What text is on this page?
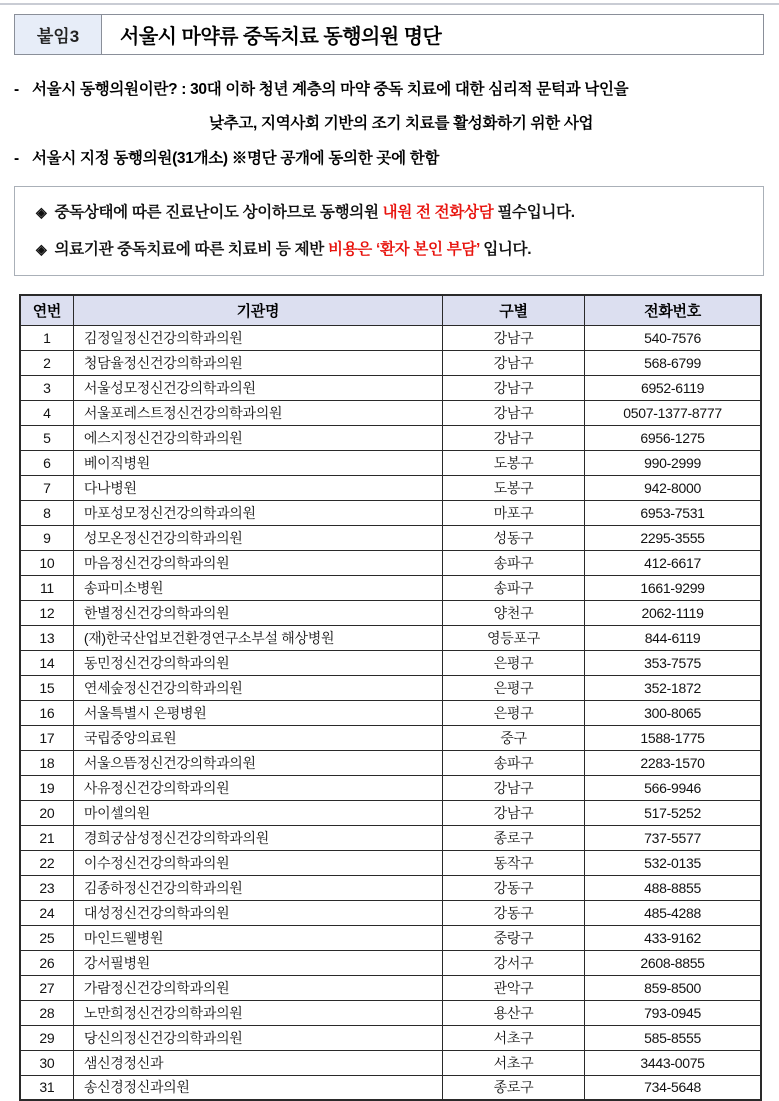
붙임3	서울시 마약류 중독치료 동행의원 명단
- 서울시 동행의원이란? : 30대 이하 청년 계층의 마약 중독 치료에 대한 심리적 문턱과 낙인을
낮추고, 지역사회 기반의 조기 치료를 활성화하기 위한 사업
- 서울시 지정 동행의원(31개소) ※명단 공개에 동의한 곳에 한함
◈ 중독상태에 따른 진료난이도 상이하므로 동행의원 내원 전 전화상담 필수입니다.
◈ 의료기관 중독치료에 따른 치료비 등 제반 비용은 ‘환자 본인 부담’ 입니다.
연번	기관명	구별	전화번호
1	김정일정신건강의학과의원	강남구	540-7576
2	청담율정신건강의학과의원	강남구	568-6799
3	서울성모정신건강의학과의원	강남구	6952-6119
4	서울포레스트정신건강의학과의원	강남구	0507-1377-8777
5	에스지정신건강의학과의원	강남구	6956-1275
6	베이직병원	도봉구	990-2999
7	다나병원	도봉구	942-8000
8	마포성모정신건강의학과의원	마포구	6953-7531
9	성모온정신건강의학과의원	성동구	2295-3555
10	마음정신건강의학과의원	송파구	412-6617
11	송파미소병원	송파구	1661-9299
12	한별정신건강의학과의원	양천구	2062-1119
13	(재)한국산업보건환경연구소부설 해상병원	영등포구	844-6119
14	동민정신건강의학과의원	은평구	353-7575
15	연세숲정신건강의학과의원	은평구	352-1872
16	서울특별시 은평병원	은평구	300-8065
17	국립중앙의료원	중구	1588-1775
18	서울으뜸정신건강의학과의원	송파구	2283-1570
19	사유정신건강의학과의원	강남구	566-9946
20	마이셀의원	강남구	517-5252
21	경희궁삼성정신건강의학과의원	종로구	737-5577
22	이수정신건강의학과의원	동작구	532-0135
23	김종하정신건강의학과의원	강동구	488-8855
24	대성정신건강의학과의원	강동구	485-4288
25	마인드웰병원	중랑구	433-9162
26	강서필병원	강서구	2608-8855
27	가람정신건강의학과의원	관악구	859-8500
28	노만희정신건강의학과의원	용산구	793-0945
29	당신의정신건강의학과의원	서초구	585-8555
30	샘신경정신과	서초구	3443-0075
31	송신경정신과의원	종로구	734-5648
